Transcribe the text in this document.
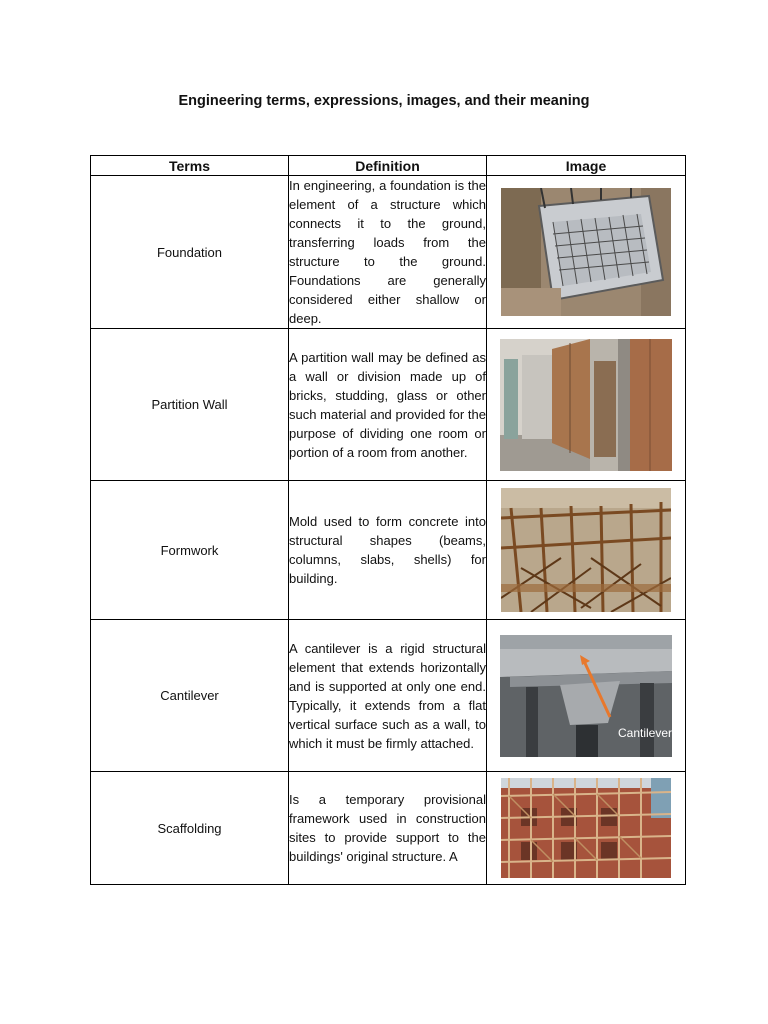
Engineering terms, expressions, images, and their meaning
Terms	Definition	Image
Foundation	In engineering, a foundation is the element of a structure which connects it to the ground, transferring loads from the structure to the ground. Foundations are generally considered either shallow or deep.

Partition Wall	A partition wall may be defined as a wall or division made up of bricks, studding, glass or other such material and provided for the purpose of dividing one room or portion of a room from another.

Formwork	Mold used to form concrete into structural shapes (beams, columns, slabs, shells) for building.

Cantilever	A cantilever is a rigid structural element that extends horizontally and is supported at only one end. Typically, it extends from a flat vertical surface such as a wall, to which it must be firmly attached.	Cantilever

Scaffolding	Is a temporary provisional framework used in construction sites to provide support to the buildings' original structure. A
